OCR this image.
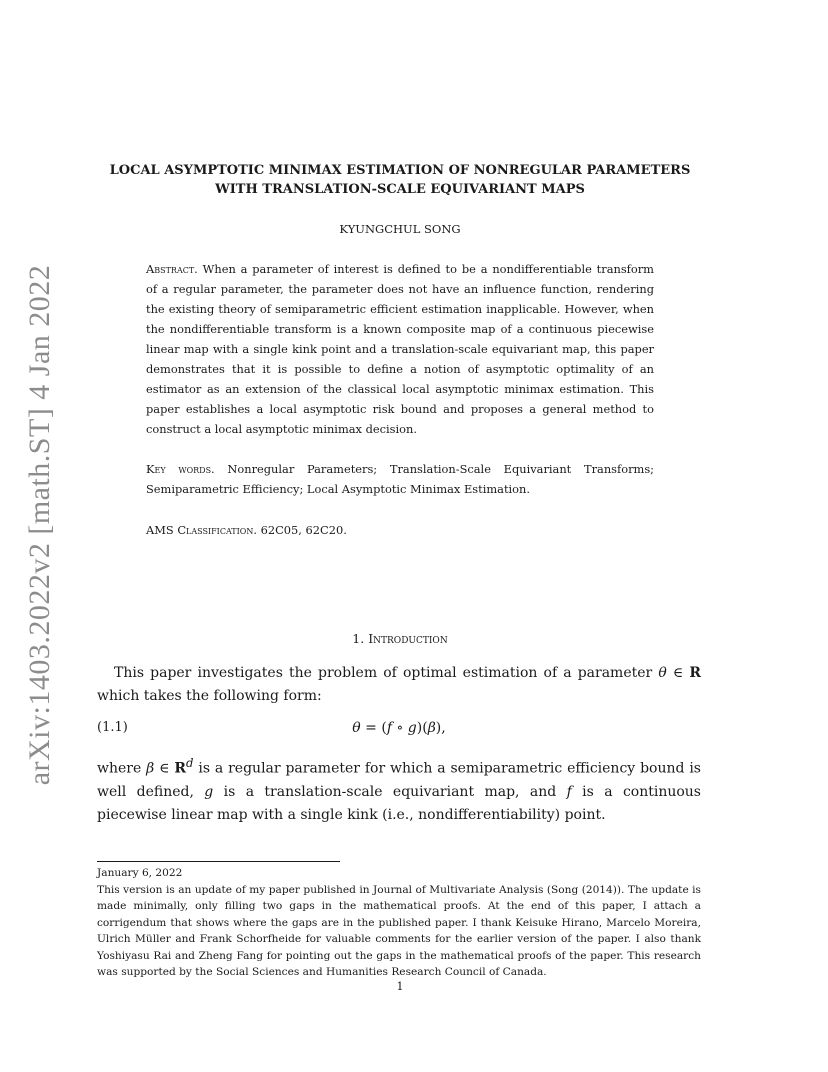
arXiv:1403.2022v2 [math.ST] 4 Jan 2022
LOCAL ASYMPTOTIC MINIMAX ESTIMATION OF NONREGULAR PARAMETERS
WITH TRANSLATION-SCALE EQUIVARIANT MAPS
KYUNGCHUL SONG
Abstract. When a parameter of interest is defined to be a nondifferentiable transform of a regular parameter, the parameter does not have an influence function, rendering the existing theory of semiparametric efficient estimation inapplicable. However, when the nondifferentiable transform is a known composite map of a continuous piecewise linear map with a single kink point and a translation-scale equivariant map, this paper demonstrates that it is possible to define a notion of asymptotic optimality of an estimator as an extension of the classical local asymptotic minimax estimation. This paper establishes a local asymptotic risk bound and proposes a general method to construct a local asymptotic minimax decision.
Key words. Nonregular Parameters; Translation-Scale Equivariant Transforms; Semiparametric Efficiency; Local Asymptotic Minimax Estimation.
AMS Classification. 62C05, 62C20.
1. Introduction
This paper investigates the problem of optimal estimation of a parameter θ ∈ R which takes the following form:
(1.1)	θ = (f ∘ g)(β),
where β ∈ $R^d$ is a regular parameter for which a semiparametric efficiency bound is well defined, g is a translation-scale equivariant map, and f is a continuous piecewise linear map with a single kink (i.e., nondifferentiability) point.
January 6, 2022
This version is an update of my paper published in Journal of Multivariate Analysis (Song (2014)). The update is made minimally, only filling two gaps in the mathematical proofs. At the end of this paper, I attach a corrigendum that shows where the gaps are in the published paper. I thank Keisuke Hirano, Marcelo Moreira, Ulrich Müller and Frank Schorfheide for valuable comments for the earlier version of the paper. I also thank Yoshiyasu Rai and Zheng Fang for pointing out the gaps in the mathematical proofs of the paper. This research was supported by the Social Sciences and Humanities Research Council of Canada.
1
